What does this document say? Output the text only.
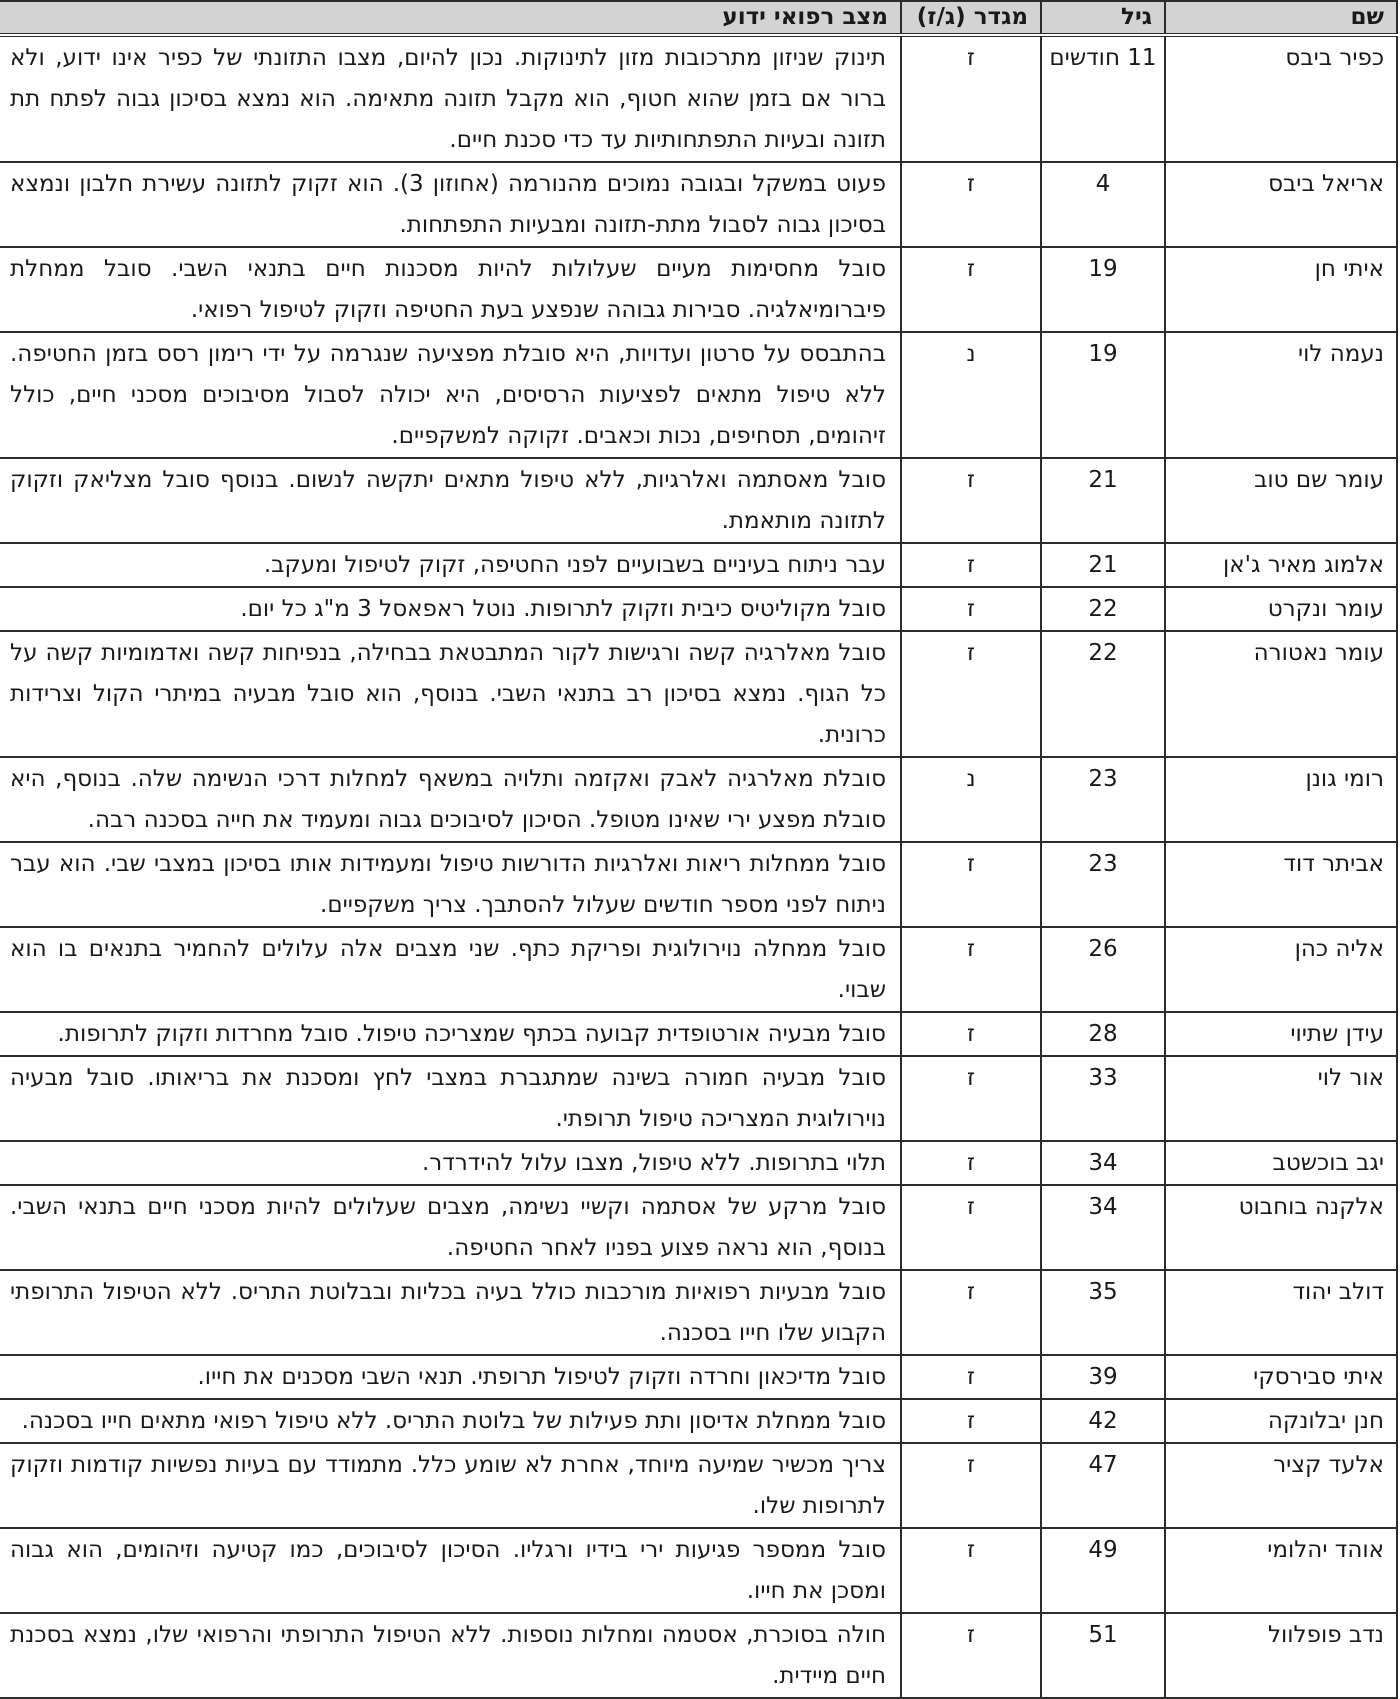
שם	גיל	מגדר (ג/ז)	מצב רפואי ידוע
כפיר ביבס	11 חודשים	ז	תינוק שניזון מתרכובות מזון לתינוקות. נכון להיום, מצבו התזונתי של כפיר אינו ידוע, ולא ברור אם בזמן שהוא חטוף, הוא מקבל תזונה מתאימה. הוא נמצא בסיכון גבוה לפתח תת תזונה ובעיות התפתחותיות עד כדי סכנת חיים.
אריאל ביבס	4	ז	פעוט במשקל ובגובה נמוכים מהנורמה (אחוזון 3). הוא זקוק לתזונה עשירת חלבון ונמצא בסיכון גבוה לסבול מתת-תזונה ומבעיות התפתחות.
איתי חן	19	ז	סובל מחסימות מעיים שעלולות להיות מסכנות חיים בתנאי השבי. סובל ממחלת פיברומיאלגיה. סבירות גבוהה שנפצע בעת החטיפה וזקוק לטיפול רפואי.
נעמה לוי	19	נ	בהתבסס על סרטון ועדויות, היא סובלת מפציעה שנגרמה על ידי רימון רסס בזמן החטיפה. ללא טיפול מתאים לפציעות הרסיסים, היא יכולה לסבול מסיבוכים מסכני חיים, כולל זיהומים, תסחיפים, נכות וכאבים. זקוקה למשקפיים.
עומר שם טוב	21	ז	סובל מאסתמה ואלרגיות, ללא טיפול מתאים יתקשה לנשום. בנוסף סובל מצליאק וזקוק לתזונה מותאמת.
אלמוג מאיר ג'אן	21	ז	עבר ניתוח בעיניים בשבועיים לפני החטיפה, זקוק לטיפול ומעקב.
עומר ונקרט	22	ז	סובל מקוליטיס כיבית וזקוק לתרופות. נוטל ראפאסל 3 מ"ג כל יום.
עומר נאטורה	22	ז	סובל מאלרגיה קשה ורגישות לקור המתבטאת בבחילה, בנפיחות קשה ואדמומיות קשה על כל הגוף. נמצא בסיכון רב בתנאי השבי. בנוסף, הוא סובל מבעיה במיתרי הקול וצרידות כרונית.
רומי גונן	23	נ	סובלת מאלרגיה לאבק ואקזמה ותלויה במשאף למחלות דרכי הנשימה שלה. בנוסף, היא סובלת מפצע ירי שאינו מטופל. הסיכון לסיבוכים גבוה ומעמיד את חייה בסכנה רבה.
אביתר דוד	23	ז	סובל ממחלות ריאות ואלרגיות הדורשות טיפול ומעמידות אותו בסיכון במצבי שבי. הוא עבר ניתוח לפני מספר חודשים שעלול להסתבך. צריך משקפיים.
אליה כהן	26	ז	סובל ממחלה נוירולוגית ופריקת כתף. שני מצבים אלה עלולים להחמיר בתנאים בו הוא שבוי.
עידן שתיוי	28	ז	סובל מבעיה אורטופדית קבועה בכתף שמצריכה טיפול. סובל מחרדות וזקוק לתרופות.
אור לוי	33	ז	סובל מבעיה חמורה בשינה שמתגברת במצבי לחץ ומסכנת את בריאותו. סובל מבעיה נוירולוגית המצריכה טיפול תרופתי.
יגב בוכשטב	34	ז	תלוי בתרופות. ללא טיפול, מצבו עלול להידרדר.
אלקנה בוחבוט	34	ז	סובל מרקע של אסתמה וקשיי נשימה, מצבים שעלולים להיות מסכני חיים בתנאי השבי. בנוסף, הוא נראה פצוע בפניו לאחר החטיפה.
דולב יהוד	35	ז	סובל מבעיות רפואיות מורכבות כולל בעיה בכליות ובבלוטת התריס. ללא הטיפול התרופתי הקבוע שלו חייו בסכנה.
איתי סבירסקי	39	ז	סובל מדיכאון וחרדה וזקוק לטיפול תרופתי. תנאי השבי מסכנים את חייו.
חנן יבלונקה	42	ז	סובל ממחלת אדיסון ותת פעילות של בלוטת התריס. ללא טיפול רפואי מתאים חייו בסכנה.
אלעד קציר	47	ז	צריך מכשיר שמיעה מיוחד, אחרת לא שומע כלל. מתמודד עם בעיות נפשיות קודמות וזקוק לתרופות שלו.
אוהד יהלומי	49	ז	סובל ממספר פגיעות ירי בידיו ורגליו. הסיכון לסיבוכים, כמו קטיעה וזיהומים, הוא גבוה ומסכן את חייו.
נדב פופלוול	51	ז	חולה בסוכרת, אסטמה ומחלות נוספות. ללא הטיפול התרופתי והרפואי שלו, נמצא בסכנת חיים מיידית.
